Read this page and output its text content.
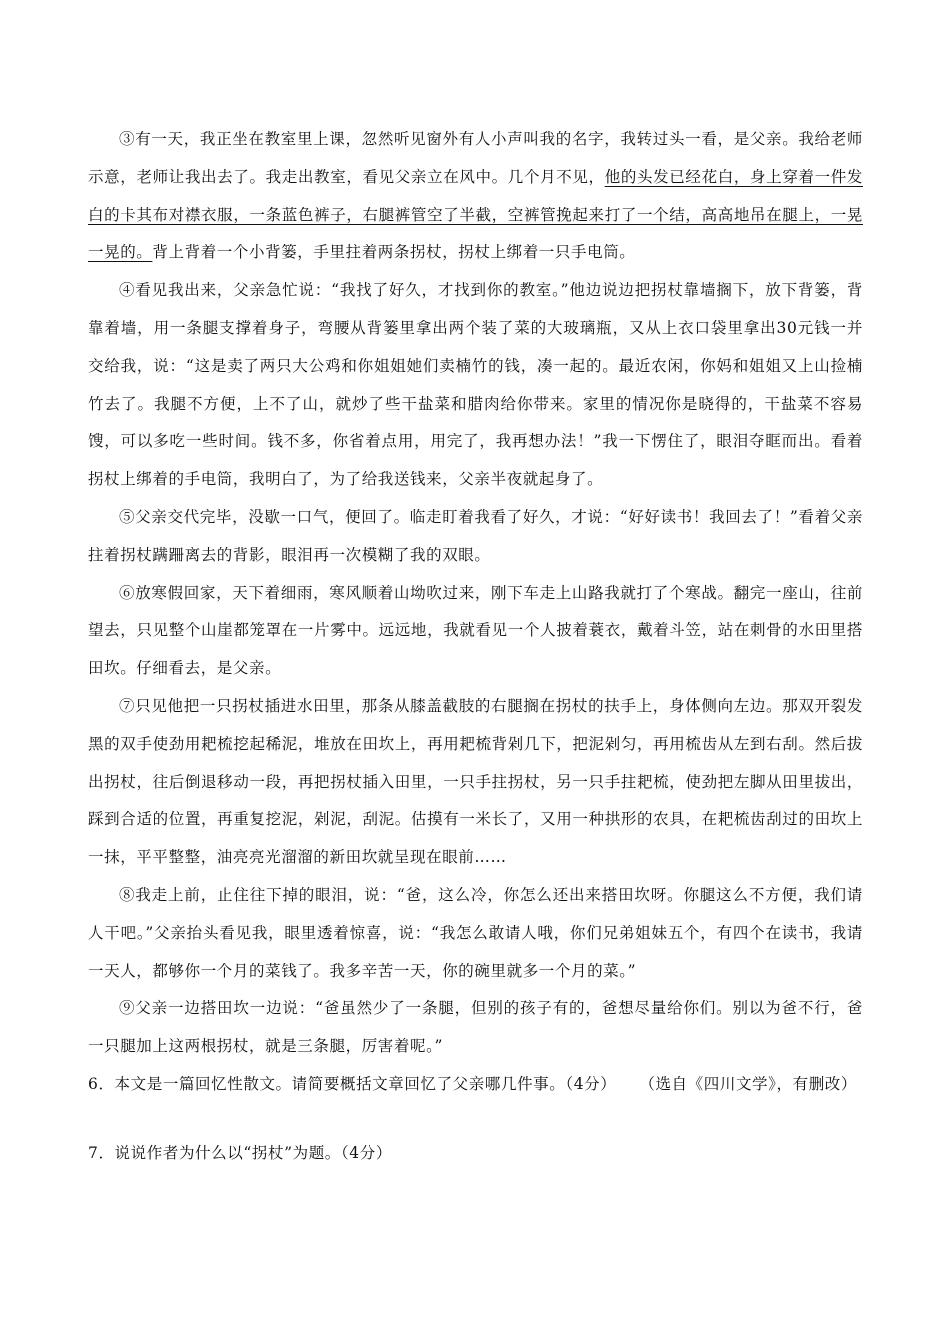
③有一天，我正坐在教室里上课，忽然听见窗外有人小声叫我的名字，我转过头一看，是父亲。我给老师示意，老师让我出去了。我走出教室，看见父亲立在风中。几个月不见，他的头发已经花白，身上穿着一件发白的卡其布对襟衣服，一条蓝色裤子，右腿裤管空了半截，空裤管挽起来打了一个结，高高地吊在腿上，一晃一晃的。背上背着一个小背篓，手里拄着两条拐杖，拐杖上绑着一只手电筒。

④看见我出来，父亲急忙说：“我找了好久，才找到你的教室。”他边说边把拐杖靠墙搁下，放下背篓，背靠着墙，用一条腿支撑着身子，弯腰从背篓里拿出两个装了菜的大玻璃瓶，又从上衣口袋里拿出30元钱一并交给我，说：“这是卖了两只大公鸡和你姐姐她们卖楠竹的钱，凑一起的。最近农闲，你妈和姐姐又上山捡楠竹去了。我腿不方便，上不了山，就炒了些干盐菜和腊肉给你带来。家里的情况你是晓得的，干盐菜不容易馊，可以多吃一些时间。钱不多，你省着点用，用完了，我再想办法！”我一下愣住了，眼泪夺眶而出。看着拐杖上绑着的手电筒，我明白了，为了给我送钱来，父亲半夜就起身了。

⑤父亲交代完毕，没歇一口气，便回了。临走盯着我看了好久，才说：“好好读书！我回去了！”看着父亲拄着拐杖蹒跚离去的背影，眼泪再一次模糊了我的双眼。

⑥放寒假回家，天下着细雨，寒风顺着山坳吹过来，刚下车走上山路我就打了个寒战。翻完一座山，往前望去，只见整个山崖都笼罩在一片雾中。远远地，我就看见一个人披着蓑衣，戴着斗笠，站在刺骨的水田里搭田坎。仔细看去，是父亲。

⑦只见他把一只拐杖插进水田里，那条从膝盖截肢的右腿搁在拐杖的扶手上，身体侧向左边。那双开裂发黑的双手使劲用耙梳挖起稀泥，堆放在田坎上，再用耙梳背剁几下，把泥剁匀，再用梳齿从左到右刮。然后拔出拐杖，往后倒退移动一段，再把拐杖插入田里，一只手拄拐杖，另一只手拄耙梳，使劲把左脚从田里拔出，踩到合适的位置，再重复挖泥，剁泥，刮泥。估摸有一米长了，又用一种拱形的农具，在耙梳齿刮过的田坎上一抹，平平整整，油亮亮光溜溜的新田坎就呈现在眼前……

⑧我走上前，止住往下掉的眼泪，说：“爸，这么冷，你怎么还出来搭田坎呀。你腿这么不方便，我们请人干吧。”父亲抬头看见我，眼里透着惊喜，说：“我怎么敢请人哦，你们兄弟姐妹五个，有四个在读书，我请一天人，都够你一个月的菜钱了。我多辛苦一天，你的碗里就多一个月的菜。”

⑨父亲一边搭田坎一边说：“爸虽然少了一条腿，但别的孩子有的，爸想尽量给你们。别以为爸不行，爸一只腿加上这两根拐杖，就是三条腿，厉害着呢。”

（选自《四川文学》，有删改）

6．本文是一篇回忆性散文。请简要概括文章回忆了父亲哪几件事。（4分）

7．说说作者为什么以“拐杖”为题。（4分）
